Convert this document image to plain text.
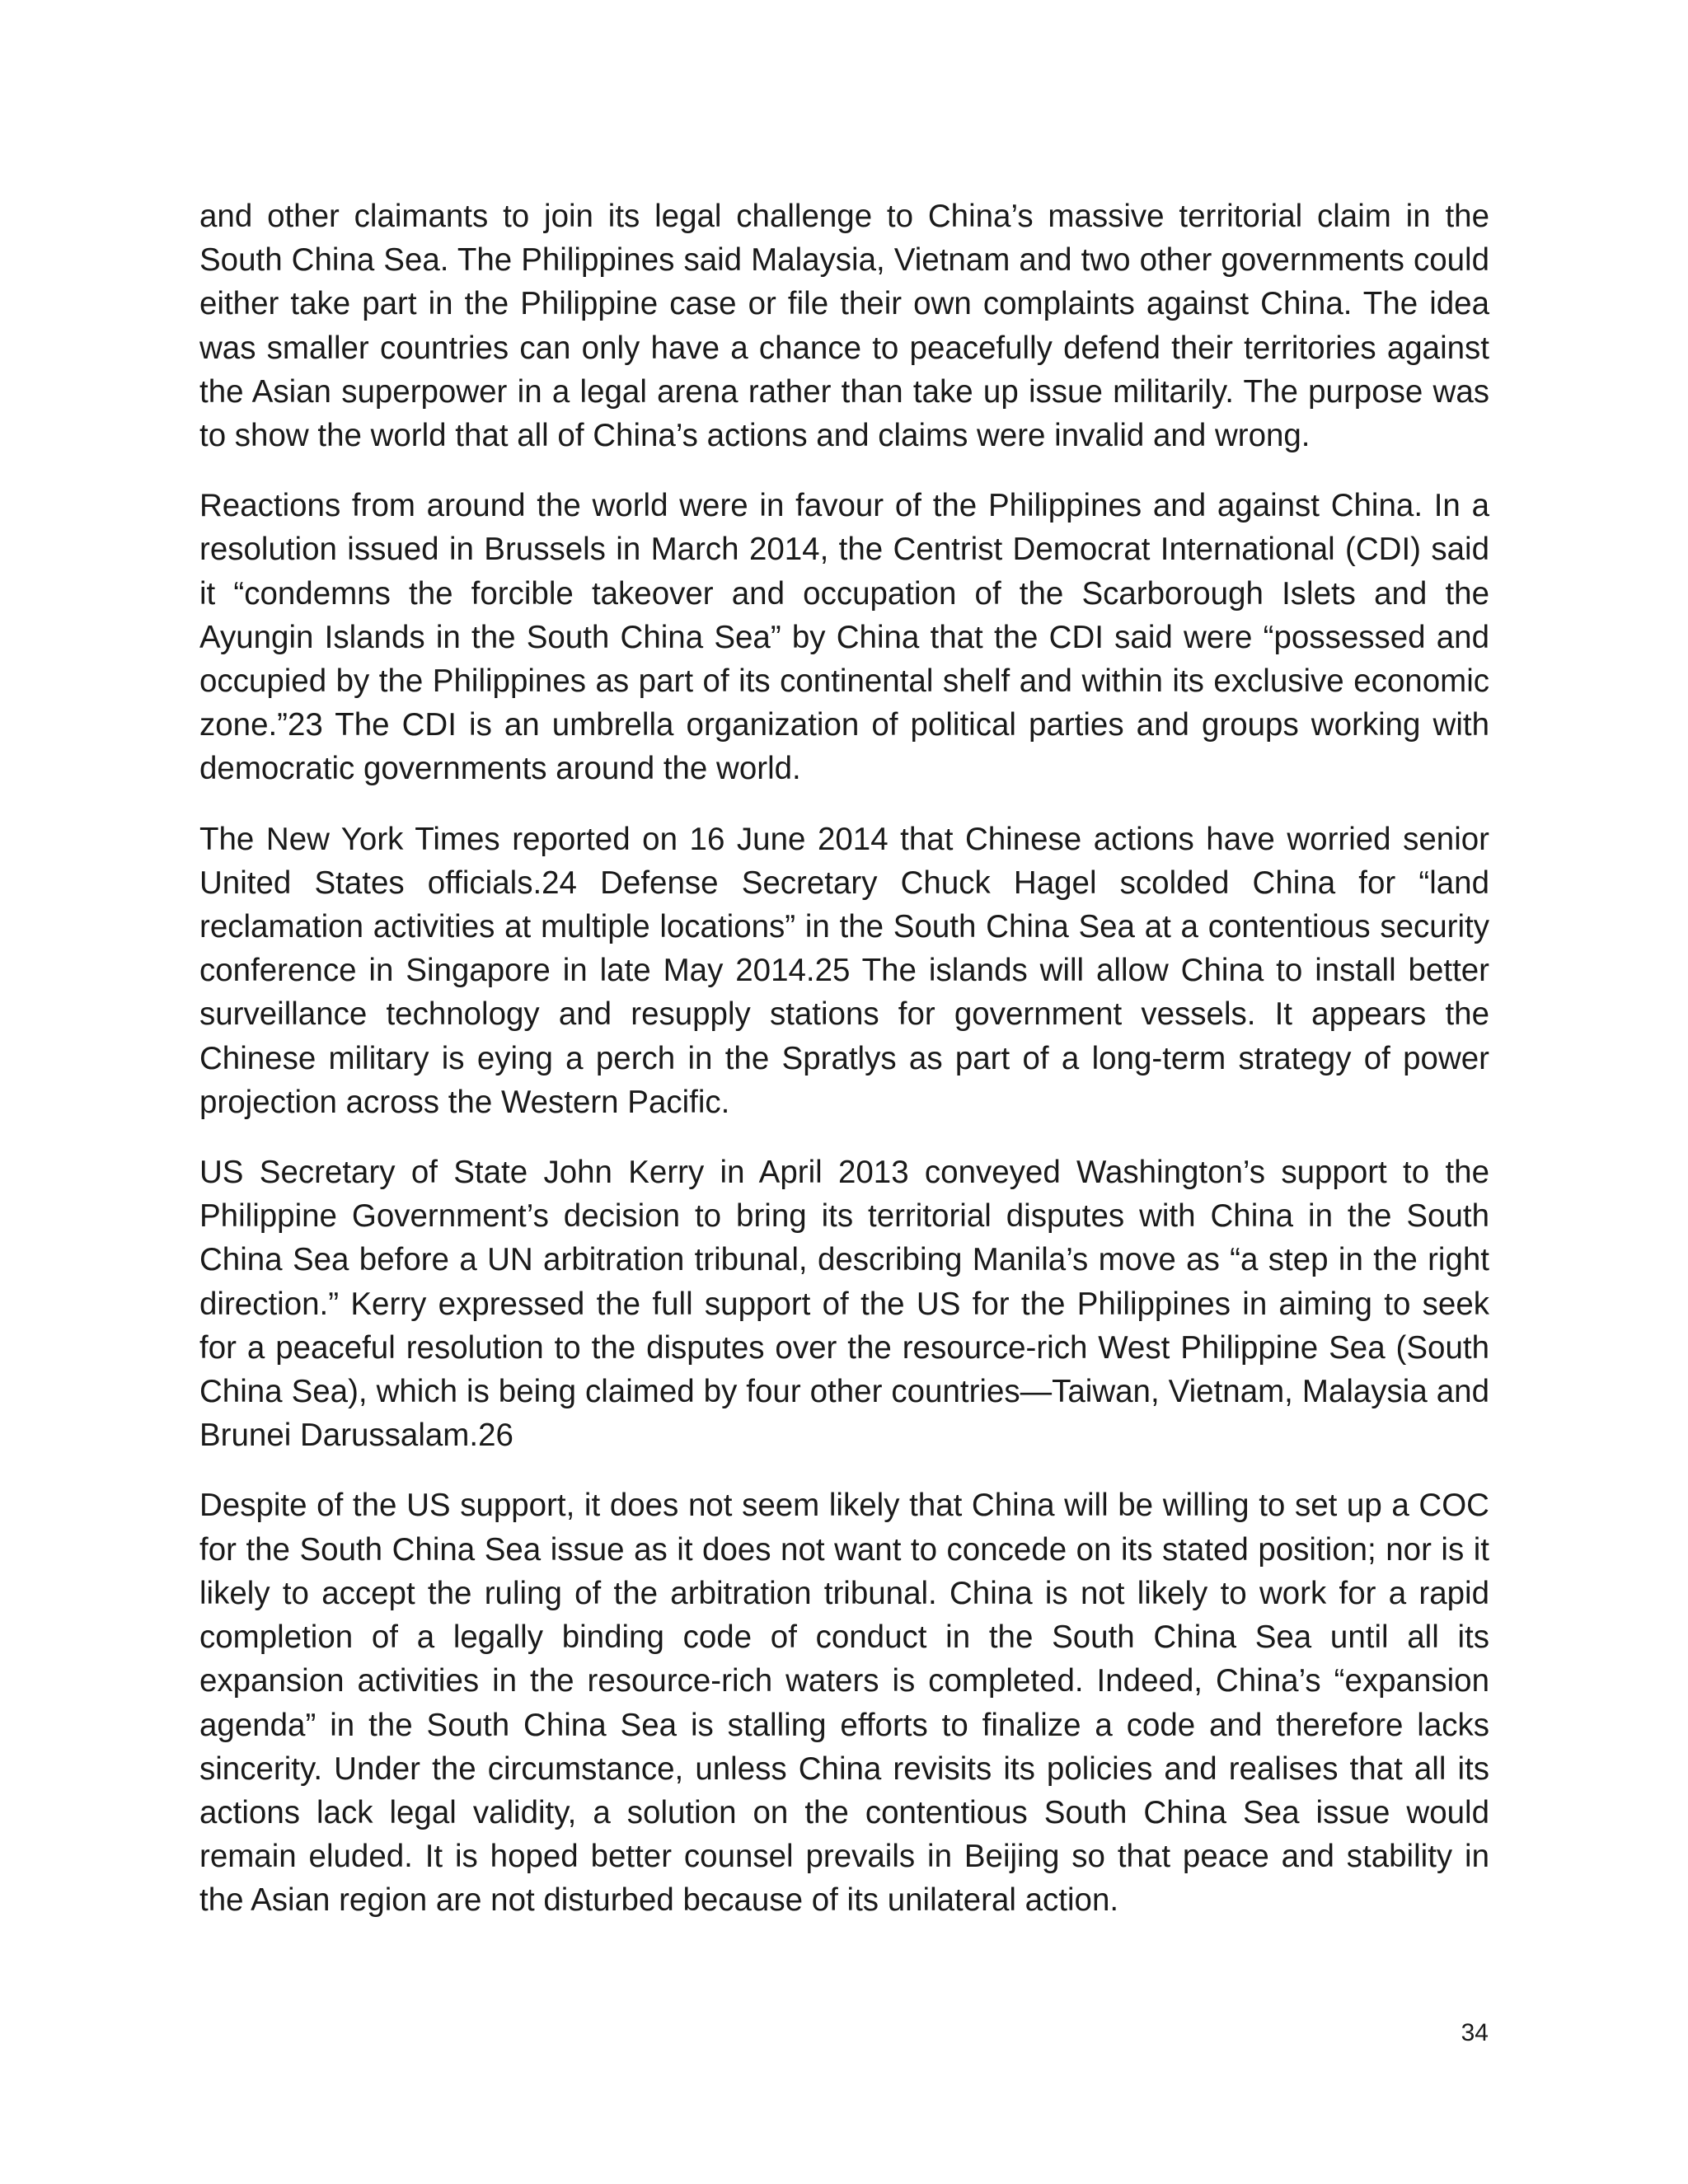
and other claimants to join its legal challenge to China’s massive territorial claim in the South China Sea. The Philippines said Malaysia, Vietnam and two other governments could either take part in the Philippine case or file their own complaints against China. The idea was smaller countries can only have a chance to peacefully defend their territories against the Asian superpower in a legal arena rather than take up issue militarily. The purpose was to show the world that all of China’s actions and claims were invalid and wrong.

Reactions from around the world were in favour of the Philippines and against China. In a resolution issued in Brussels in March 2014, the Centrist Democrat International (CDI) said it “condemns the forcible takeover and occupation of the Scarborough Islets and the Ayungin Islands in the South China Sea” by China that the CDI said were “possessed and occupied by the Philippines as part of its continental shelf and within its exclusive economic zone.”23 The CDI is an umbrella organization of political parties and groups working with democratic governments around the world.

The New York Times reported on 16 June 2014 that Chinese actions have worried senior United States officials.24 Defense Secretary Chuck Hagel scolded China for “land reclamation activities at multiple locations” in the South China Sea at a contentious security conference in Singapore in late May 2014.25 The islands will allow China to install better surveillance technology and resupply stations for government vessels. It appears the Chinese military is eying a perch in the Spratlys as part of a long-term strategy of power projection across the Western Pacific.

US Secretary of State John Kerry in April 2013 conveyed Washington’s support to the Philippine Government’s decision to bring its territorial disputes with China in the South China Sea before a UN arbitration tribunal, describing Manila’s move as “a step in the right direction.” Kerry expressed the full support of the US for the Philippines in aiming to seek for a peaceful resolution to the disputes over the resource-rich West Philippine Sea (South China Sea), which is being claimed by four other countries—Taiwan, Vietnam, Malaysia and Brunei Darussalam.26

Despite of the US support, it does not seem likely that China will be willing to set up a COC for the South China Sea issue as it does not want to concede on its stated position; nor is it likely to accept the ruling of the arbitration tribunal. China is not likely to work for a rapid completion of a legally binding code of conduct in the South China Sea until all its expansion activities in the resource-rich waters is completed. Indeed, China’s “expansion agenda” in the South China Sea is stalling efforts to finalize a code and therefore lacks sincerity. Under the circumstance, unless China revisits its policies and realises that all its actions lack legal validity, a solution on the contentious South China Sea issue would remain eluded. It is hoped better counsel prevails in Beijing so that peace and stability in the Asian region are not disturbed because of its unilateral action.

34
